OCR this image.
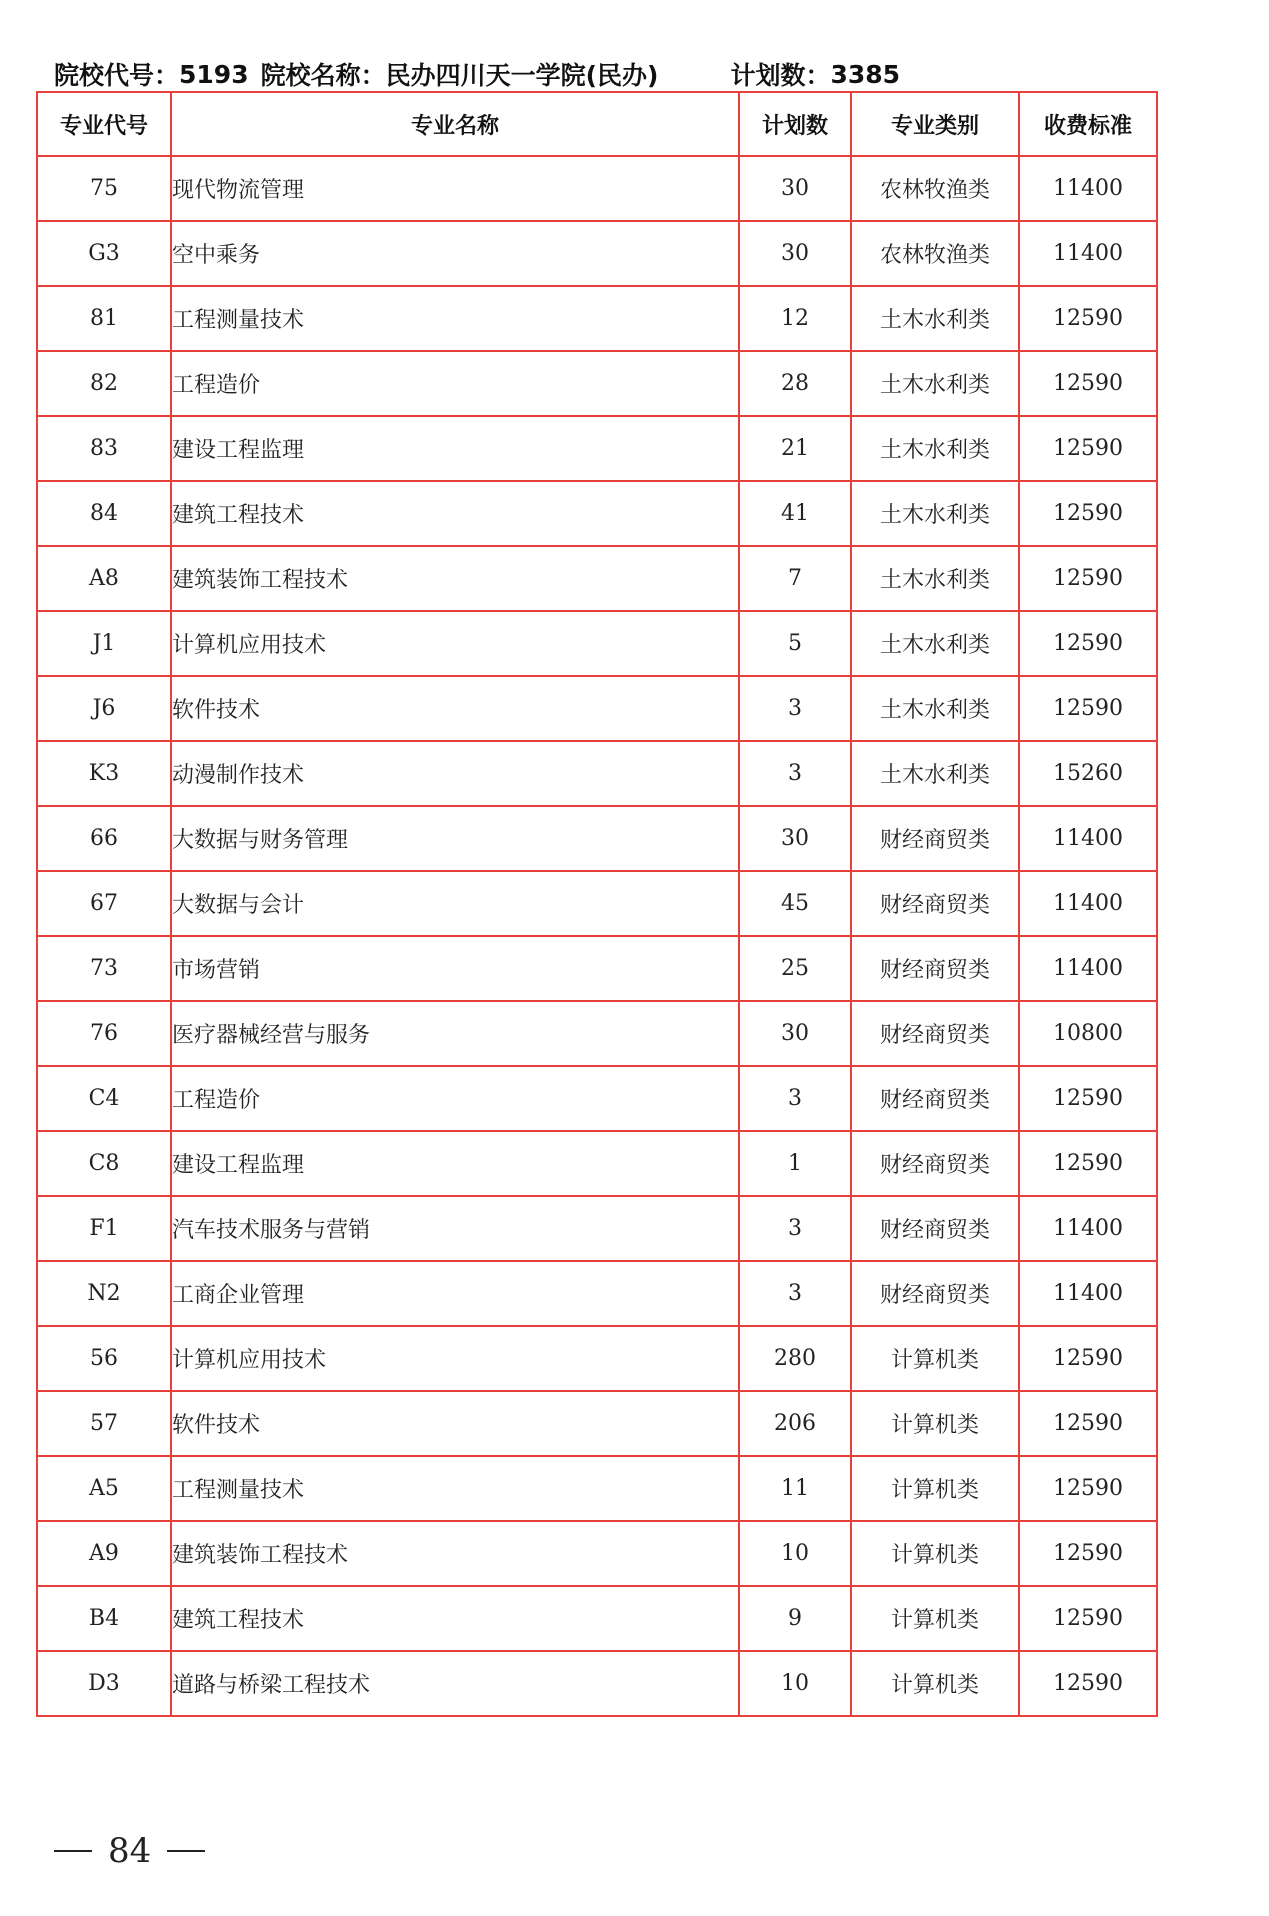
院校代号： 5193 院校名称： 民办四川天一学院(民办)	计划数： 3385
专业代号	专业名称	计划数	专业类别	收费标准
75	现代物流管理	30	农林牧渔类	11400
G3	空中乘务	30	农林牧渔类	11400
81	工程测量技术	12	土木水利类	12590
82	工程造价	28	土木水利类	12590
83	建设工程监理	21	土木水利类	12590
84	建筑工程技术	41	土木水利类	12590
A8	建筑装饰工程技术	7	土木水利类	12590
J1	计算机应用技术	5	土木水利类	12590
J6	软件技术	3	土木水利类	12590
K3	动漫制作技术	3	土木水利类	15260
66	大数据与财务管理	30	财经商贸类	11400
67	大数据与会计	45	财经商贸类	11400
73	市场营销	25	财经商贸类	11400
76	医疗器械经营与服务	30	财经商贸类	10800
C4	工程造价	3	财经商贸类	12590
C8	建设工程监理	1	财经商贸类	12590
F1	汽车技术服务与营销	3	财经商贸类	11400
N2	工商企业管理	3	财经商贸类	11400
56	计算机应用技术	280	计算机类	12590
57	软件技术	206	计算机类	12590
A5	工程测量技术	11	计算机类	12590
A9	建筑装饰工程技术	10	计算机类	12590
B4	建筑工程技术	9	计算机类	12590
D3	道路与桥梁工程技术	10	计算机类	12590
84
